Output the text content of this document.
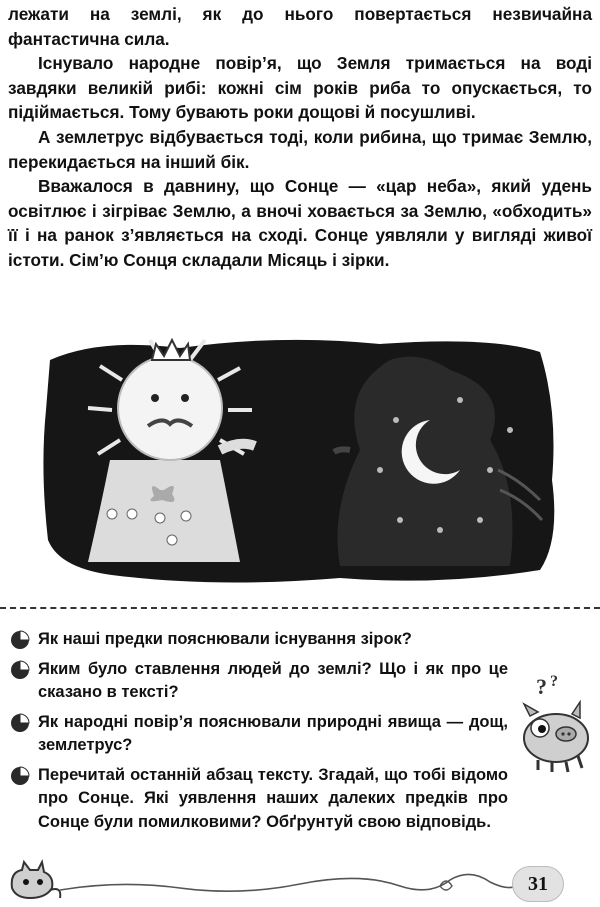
лежати на землі, як до нього повертається незвичайна фантастична сила.

Існувало народне повір’я, що Земля тримається на воді завдяки великій рибі: кожні сім років риба то опускається, то підіймається. Тому бувають роки дощові й посушливі.

А землетрус відбувається тоді, коли рибина, що тримає Землю, перекидається на інший бік.

Вважалося в давнину, що Сонце — «цар неба», який удень освітлює і зігріває Землю, а вночі ховається за Землю, «обходить» її і на ранок з’являється на сході. Сонце уявляли у вигляді живої істоти. Сім’ю Сонця складали Місяць і зірки.

Як наші предки пояснювали існування зірок?
Яким було ставлення людей до землі? Що і як про це сказано в тексті?
Як народні повір’я пояснювали природні явища — дощ, землетрус?
Перечитай останній абзац тексту. Згадай, що тобі відомо про Сонце. Які уявлення наших далеких предків про Сонце були помилковими? Обґрунтуй свою відповідь.
? ?
31
